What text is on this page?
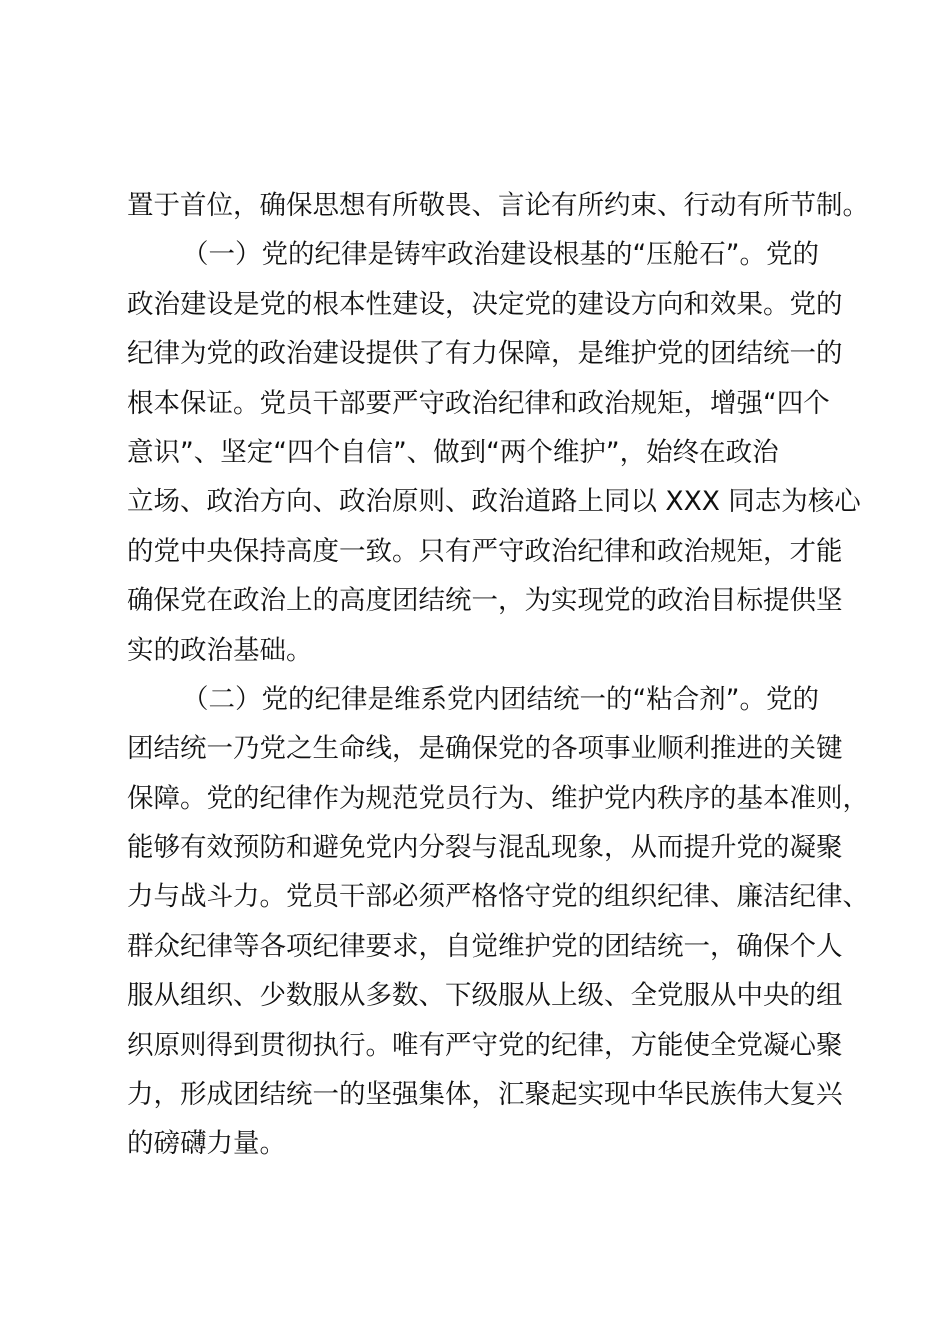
置于首位，确保思想有所敬畏、言论有所约束、行动有所节制。
（一）党的纪律是铸牢政治建设根基的“压舱石”。党的
政治建设是党的根本性建设，决定党的建设方向和效果。党的
纪律为党的政治建设提供了有力保障，是维护党的团结统一的
根本保证。党员干部要严守政治纪律和政治规矩，增强“四个
意识”、坚定“四个自信”、做到“两个维护”，始终在政治
立场、政治方向、政治原则、政治道路上同以 XXX 同志为核心
的党中央保持高度一致。只有严守政治纪律和政治规矩，才能
确保党在政治上的高度团结统一，为实现党的政治目标提供坚
实的政治基础。
（二）党的纪律是维系党内团结统一的“粘合剂”。党的
团结统一乃党之生命线，是确保党的各项事业顺利推进的关键
保障。党的纪律作为规范党员行为、维护党内秩序的基本准则，
能够有效预防和避免党内分裂与混乱现象，从而提升党的凝聚
力与战斗力。党员干部必须严格恪守党的组织纪律、廉洁纪律、
群众纪律等各项纪律要求，自觉维护党的团结统一，确保个人
服从组织、少数服从多数、下级服从上级、全党服从中央的组
织原则得到贯彻执行。唯有严守党的纪律，方能使全党凝心聚
力，形成团结统一的坚强集体，汇聚起实现中华民族伟大复兴
的磅礴力量。
